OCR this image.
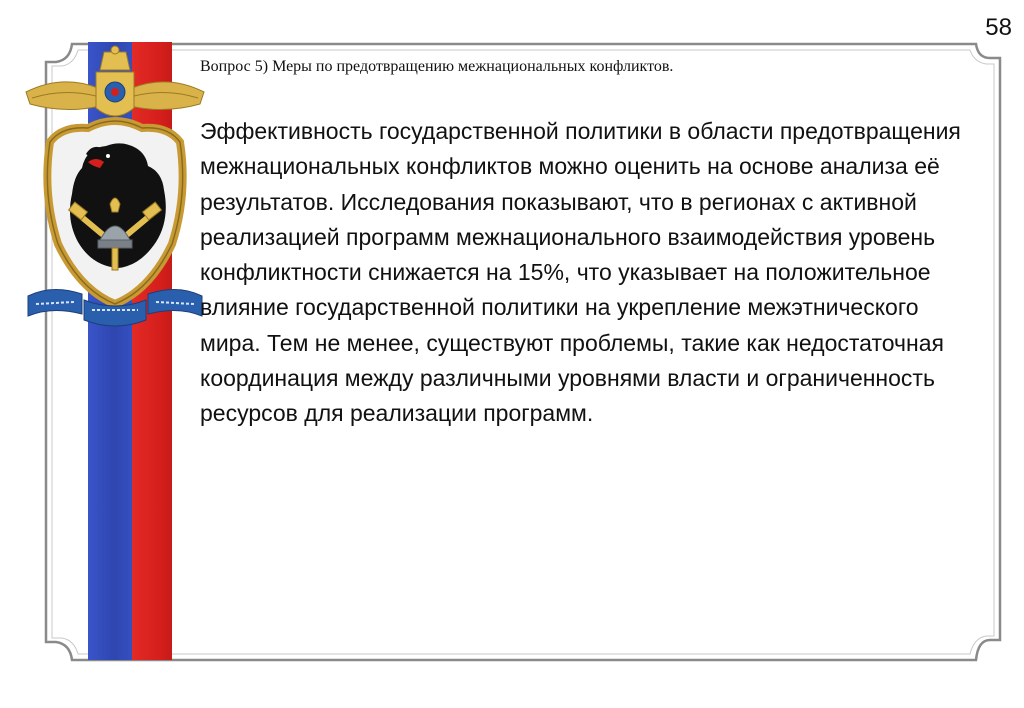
58
Вопрос 5) Меры по предотвращению межнациональных конфликтов.

Эффективность государственной политики в области предотвращения межнациональных конфликтов можно оценить на основе анализа её результатов. Исследования показывают, что в регионах с активной реализацией программ межнационального взаимодействия уровень конфликтности снижается на 15%, что указывает на положительное влияние государственной политики на укрепление межэтнического мира. Тем не менее, существуют проблемы, такие как недостаточная координация между различными уровнями власти и ограниченность ресурсов для реализации программ.
